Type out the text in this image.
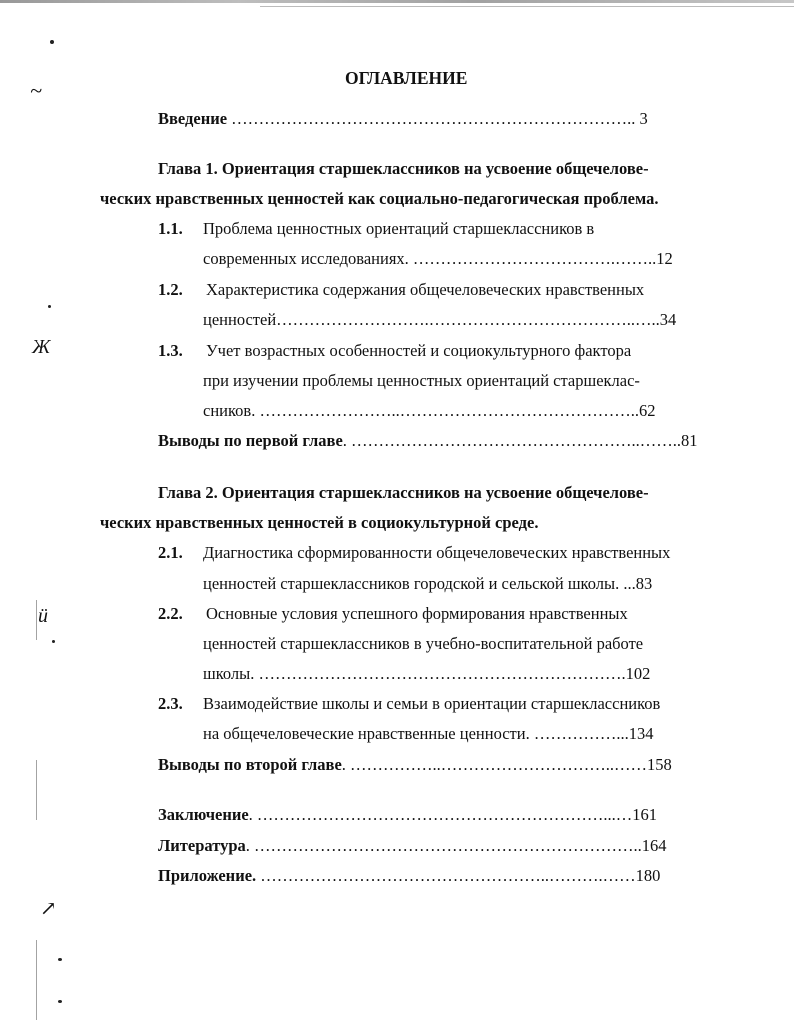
~
Ж
ü
↗
ОГЛАВЛЕНИЕ
Введение ……………………………………………………………….. 3
Глава 1. Ориентация старшеклассников на усвоение общечелове-
ческих нравственных ценностей как социально-педагогическая проблема.
1.1. Проблема ценностных ориентаций старшеклассников в
современных исследованиях. ……………………………….……..12
1.2. Характеристика содержания общечеловеческих нравственных
ценностей……………………….………………………………..…..34
1.3. Учет возрастных особенностей и социокультурного фактора
при изучении проблемы ценностных ориентаций старшеклас-
сников. ……………………..……………………………………..62
Выводы по первой главе. ……………………………………………..……..81
Глава 2. Ориентация старшеклассников на усвоение общечелове-
ческих нравственных ценностей в социокультурной среде.
2.1. Диагностика сформированности общечеловеческих нравственных
ценностей старшеклассников городской и сельской школы. ...83
2.2. Основные условия успешного формирования нравственных
ценностей старшеклассников в учебно-воспитательной работе
школы. ………………………………………………………….102
2.3. Взаимодействие школы и семьи в ориентации старшеклассников
на общечеловеческие нравственные ценности. ……………...134
Выводы по второй главе. ……………..…………………………..……158
Заключение. ………………………………………………………...…161
Литература. ……………………………………………………………..164
Приложение. ……………………………………………..……….……180
